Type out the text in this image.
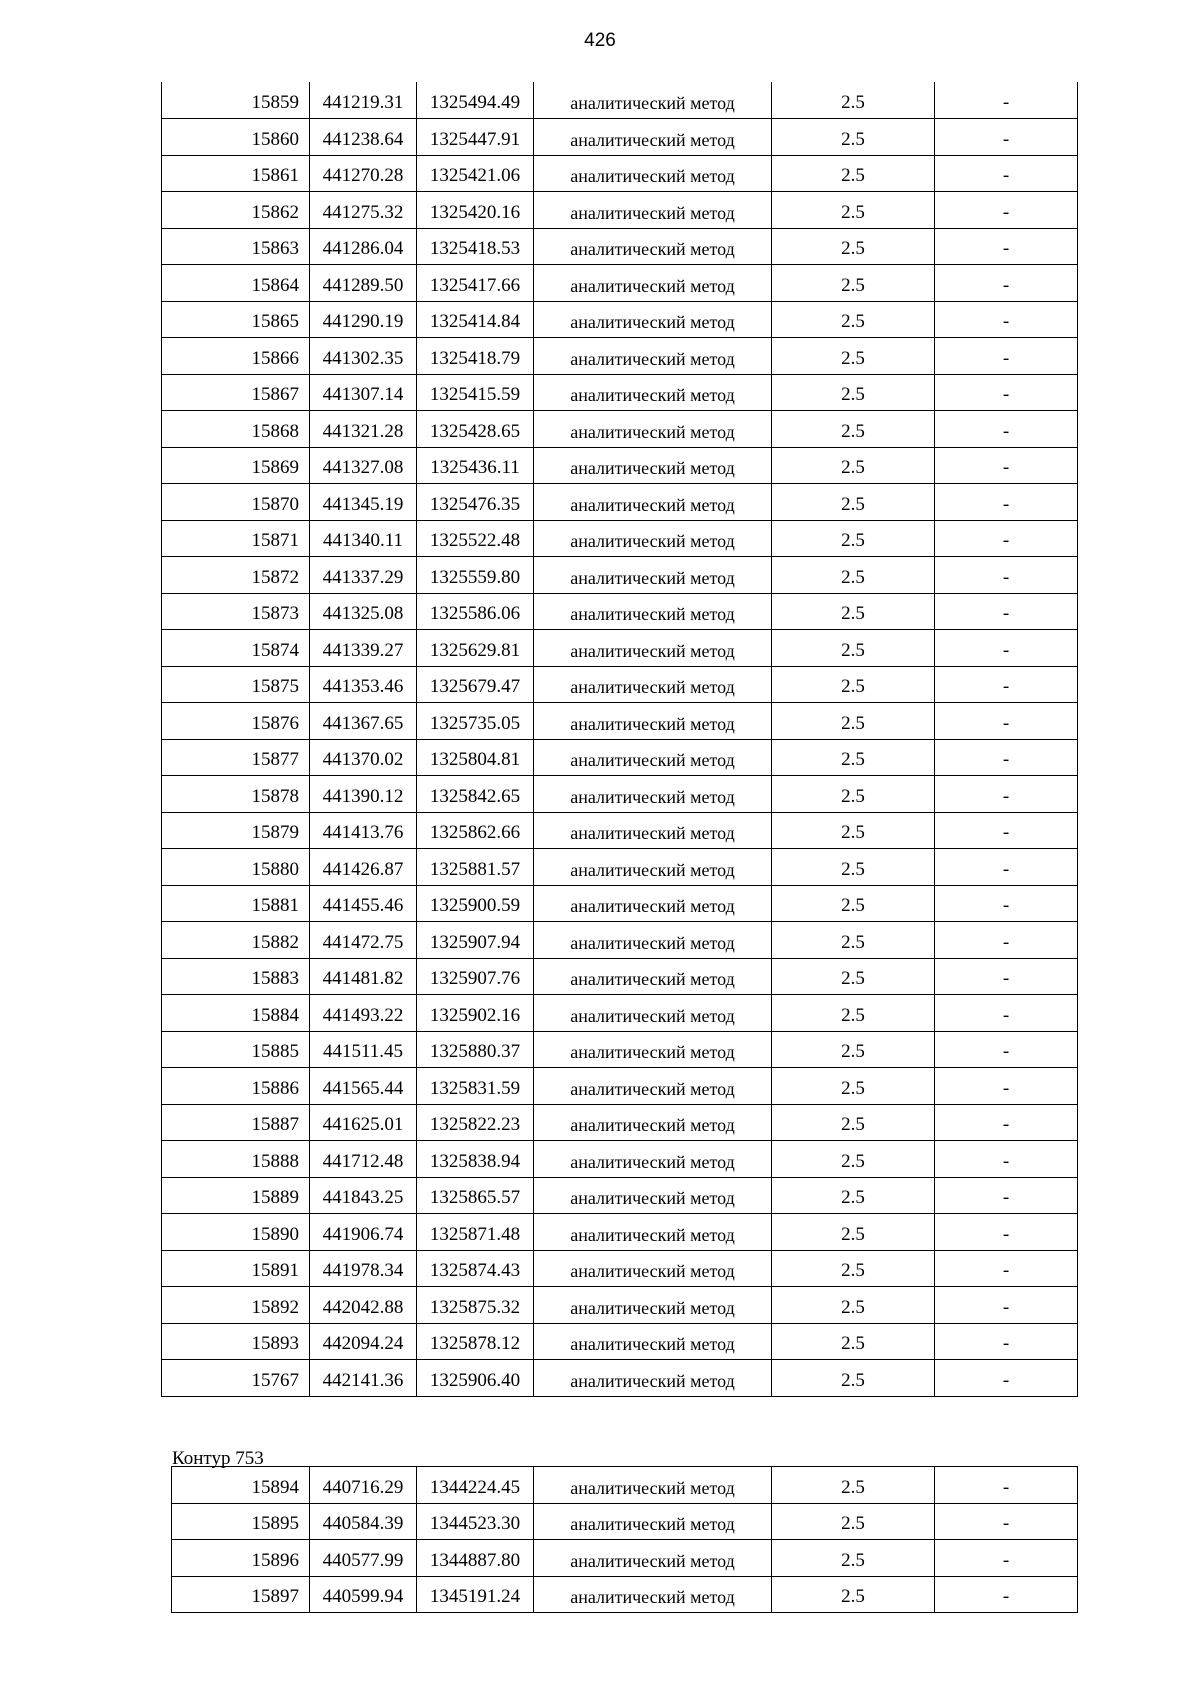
426
15859	441219.31	1325494.49	аналитический метод	2.5	-
15860	441238.64	1325447.91	аналитический метод	2.5	-
15861	441270.28	1325421.06	аналитический метод	2.5	-
15862	441275.32	1325420.16	аналитический метод	2.5	-
15863	441286.04	1325418.53	аналитический метод	2.5	-
15864	441289.50	1325417.66	аналитический метод	2.5	-
15865	441290.19	1325414.84	аналитический метод	2.5	-
15866	441302.35	1325418.79	аналитический метод	2.5	-
15867	441307.14	1325415.59	аналитический метод	2.5	-
15868	441321.28	1325428.65	аналитический метод	2.5	-
15869	441327.08	1325436.11	аналитический метод	2.5	-
15870	441345.19	1325476.35	аналитический метод	2.5	-
15871	441340.11	1325522.48	аналитический метод	2.5	-
15872	441337.29	1325559.80	аналитический метод	2.5	-
15873	441325.08	1325586.06	аналитический метод	2.5	-
15874	441339.27	1325629.81	аналитический метод	2.5	-
15875	441353.46	1325679.47	аналитический метод	2.5	-
15876	441367.65	1325735.05	аналитический метод	2.5	-
15877	441370.02	1325804.81	аналитический метод	2.5	-
15878	441390.12	1325842.65	аналитический метод	2.5	-
15879	441413.76	1325862.66	аналитический метод	2.5	-
15880	441426.87	1325881.57	аналитический метод	2.5	-
15881	441455.46	1325900.59	аналитический метод	2.5	-
15882	441472.75	1325907.94	аналитический метод	2.5	-
15883	441481.82	1325907.76	аналитический метод	2.5	-
15884	441493.22	1325902.16	аналитический метод	2.5	-
15885	441511.45	1325880.37	аналитический метод	2.5	-
15886	441565.44	1325831.59	аналитический метод	2.5	-
15887	441625.01	1325822.23	аналитический метод	2.5	-
15888	441712.48	1325838.94	аналитический метод	2.5	-
15889	441843.25	1325865.57	аналитический метод	2.5	-
15890	441906.74	1325871.48	аналитический метод	2.5	-
15891	441978.34	1325874.43	аналитический метод	2.5	-
15892	442042.88	1325875.32	аналитический метод	2.5	-
15893	442094.24	1325878.12	аналитический метод	2.5	-
15767	442141.36	1325906.40	аналитический метод	2.5	-
Контур 753
15894	440716.29	1344224.45	аналитический метод	2.5	-
15895	440584.39	1344523.30	аналитический метод	2.5	-
15896	440577.99	1344887.80	аналитический метод	2.5	-
15897	440599.94	1345191.24	аналитический метод	2.5	-
